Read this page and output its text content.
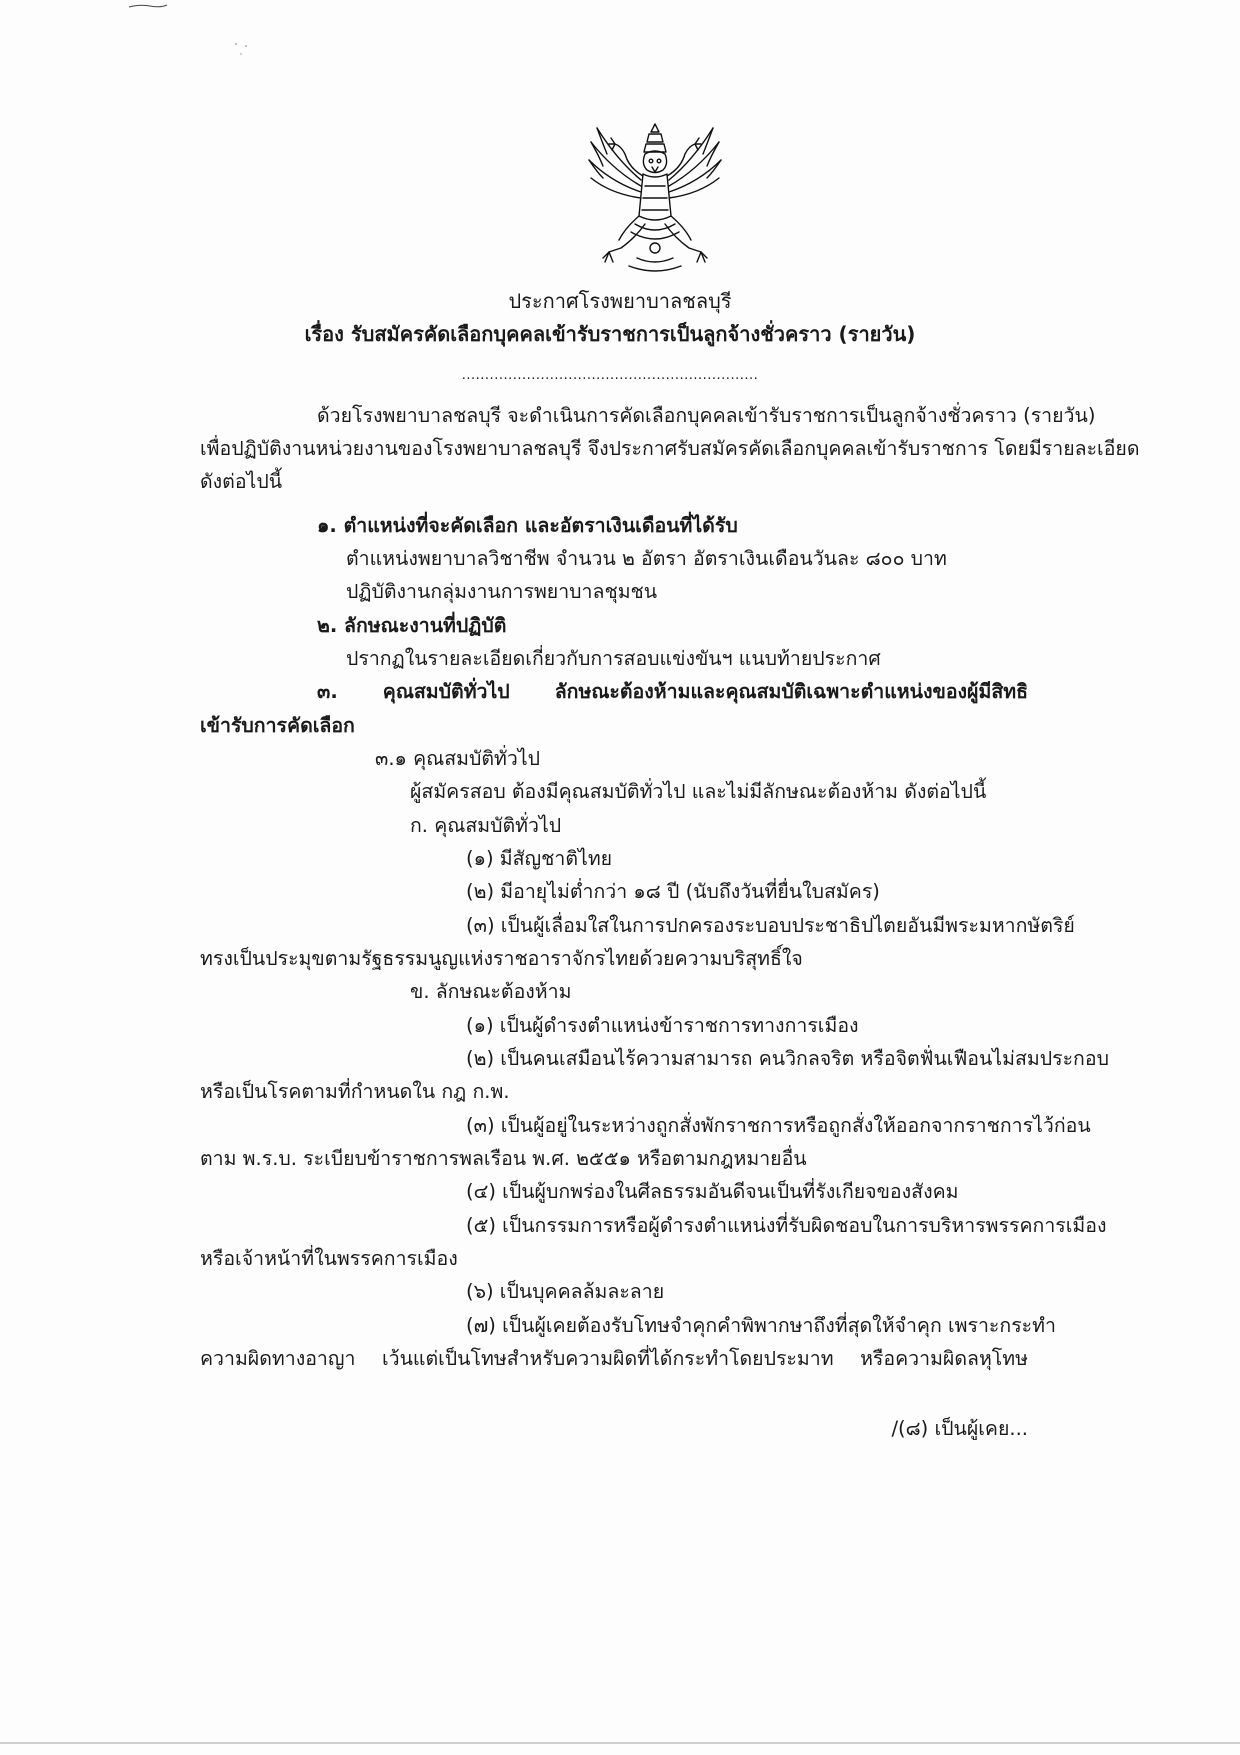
ประกาศโรงพยาบาลชลบุรี
เรื่อง รับสมัครคัดเลือกบุคคลเข้ารับราชการเป็นลูกจ้างชั่วคราว (รายวัน)
................................................................
ด้วยโรงพยาบาลชลบุรี จะดำเนินการคัดเลือกบุคคลเข้ารับราชการเป็นลูกจ้างชั่วคราว (รายวัน)
เพื่อปฏิบัติงานหน่วยงานของโรงพยาบาลชลบุรี จึงประกาศรับสมัครคัดเลือกบุคคลเข้ารับราชการ โดยมีรายละเอียด
ดังต่อไปนี้
๑. ตำแหน่งที่จะคัดเลือก และอัตราเงินเดือนที่ได้รับ
ตำแหน่งพยาบาลวิชาชีพ จำนวน ๒ อัตรา อัตราเงินเดือนวันละ ๘๐๐ บาท
ปฏิบัติงานกลุ่มงานการพยาบาลชุมชน
๒. ลักษณะงานที่ปฏิบัติ
ปรากฏในรายละเอียดเกี่ยวกับการสอบแข่งขันฯ แนบท้ายประกาศ
๓. คุณสมบัติทั่วไป ลักษณะต้องห้ามและคุณสมบัติเฉพาะตำแหน่งของผู้มีสิทธิ
เข้ารับการคัดเลือก
๓.๑ คุณสมบัติทั่วไป
ผู้สมัครสอบ ต้องมีคุณสมบัติทั่วไป และไม่มีลักษณะต้องห้าม ดังต่อไปนี้
ก. คุณสมบัติทั่วไป
(๑) มีสัญชาติไทย
(๒) มีอายุไม่ต่ำกว่า ๑๘ ปี (นับถึงวันที่ยื่นใบสมัคร)
(๓) เป็นผู้เลื่อมใสในการปกครองระบอบประชาธิปไตยอันมีพระมหากษัตริย์
ทรงเป็นประมุขตามรัฐธรรมนูญแห่งราชอาราจักรไทยด้วยความบริสุทธิ์ใจ
ข. ลักษณะต้องห้าม
(๑) เป็นผู้ดำรงตำแหน่งข้าราชการทางการเมือง
(๒) เป็นคนเสมือนไร้ความสามารถ คนวิกลจริต หรือจิตฟั่นเฟือนไม่สมประกอบ
หรือเป็นโรคตามที่กำหนดใน กฎ ก.พ.
(๓) เป็นผู้อยู่ในระหว่างถูกสั่งพักราชการหรือถูกสั่งให้ออกจากราชการไว้ก่อน
ตาม พ.ร.บ. ระเบียบข้าราชการพลเรือน พ.ศ. ๒๕๕๑ หรือตามกฎหมายอื่น
(๔) เป็นผู้บกพร่องในศีลธรรมอันดีจนเป็นที่รังเกียจของสังคม
(๕) เป็นกรรมการหรือผู้ดำรงตำแหน่งที่รับผิดชอบในการบริหารพรรคการเมือง
หรือเจ้าหน้าที่ในพรรคการเมือง
(๖) เป็นบุคคลล้มละลาย
(๗) เป็นผู้เคยต้องรับโทษจำคุกคำพิพากษาถึงที่สุดให้จำคุก เพราะกระทำ
ความผิดทางอาญา เว้นแต่เป็นโทษสำหรับความผิดที่ได้กระทำโดยประมาท หรือความผิดลหุโทษ
/(๘) เป็นผู้เคย...
